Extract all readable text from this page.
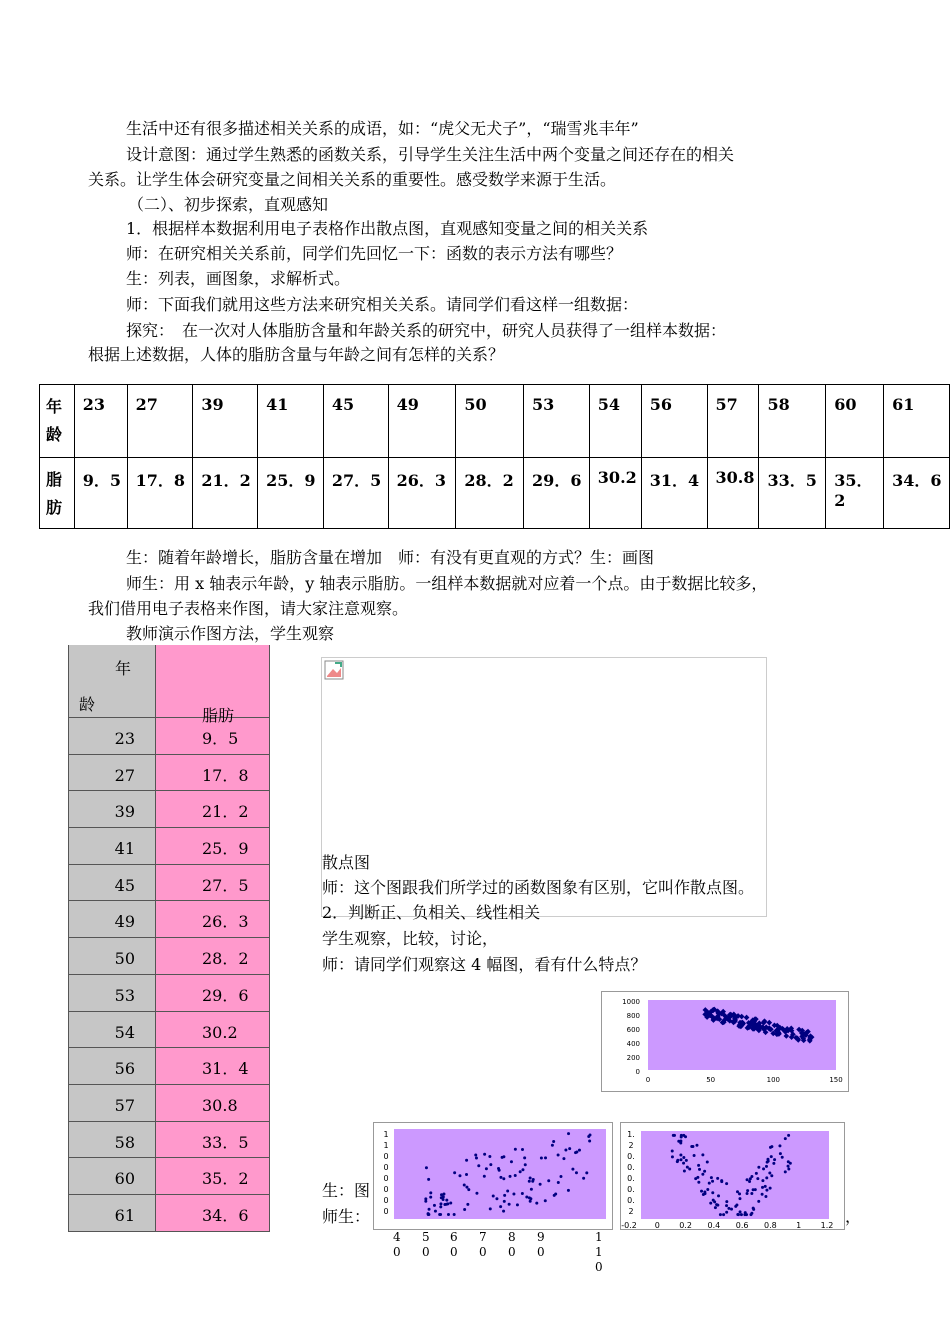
生活中还有很多描述相关关系的成语，如：“虎父无犬子”，“瑞雪兆丰年”
设计意图：通过学生熟悉的函数关系，引导学生关注生活中两个变量之间还存在的相关
关系。让学生体会研究变量之间相关关系的重要性。感受数学来源于生活。
（二）、初步探索，直观感知
1．根据样本数据利用电子表格作出散点图，直观感知变量之间的相关关系
师：在研究相关关系前，同学们先回忆一下：函数的表示方法有哪些？
生：列表，画图象，求解析式。
师：下面我们就用这些方法来研究相关关系。请同学们看这样一组数据：
探究：　在一次对人体脂肪含量和年龄关系的研究中，研究人员获得了一组样本数据：
根据上述数据，人体的脂肪含量与年龄之间有怎样的关系？
年
龄	23	27	39	41	45	49	50	53	54	56	57	58	60	61
脂
肪	9．5	17．8	21．2	25．9	27．5	26．3	28．2	29．6	30.2	31．4	30.8	33．5	35．2	34．6
生：随着年龄增长，脂肪含量在增加　师：有没有更直观的方式？生：画图
师生：用 x 轴表示年龄，y 轴表示脂肪。一组样本数据就对应着一个点。由于数据比较多，
我们借用电子表格来作图，请大家注意观察。
教师演示作图方法，学生观察
年
龄
脂肪
23	9．5
27	17．8
39	21．2
41	25．9
45	27．5
49	26．3
50	28．2
53	29．6
54	30.2
56	31．4
57	30.8
58	33．5
60	35．2
61	34．6
散点图
师：这个图跟我们所学过的函数图象有区别，它叫作散点图。
2．判断正、负相关、线性相关
学生观察，比较，讨论，
师：请同学们观察这 4 幅图，看有什么特点？
1000
800
600
400
200
0
0	50	100	150
1
1
0
0
0
0
0
0
1.
2
0.
0.
0.
0.
0.
2
-0.2 0 0.2 0.4 0.6 0.8 1 1.2
生：图
师生：	，
40
50
60
70
80
90
110
